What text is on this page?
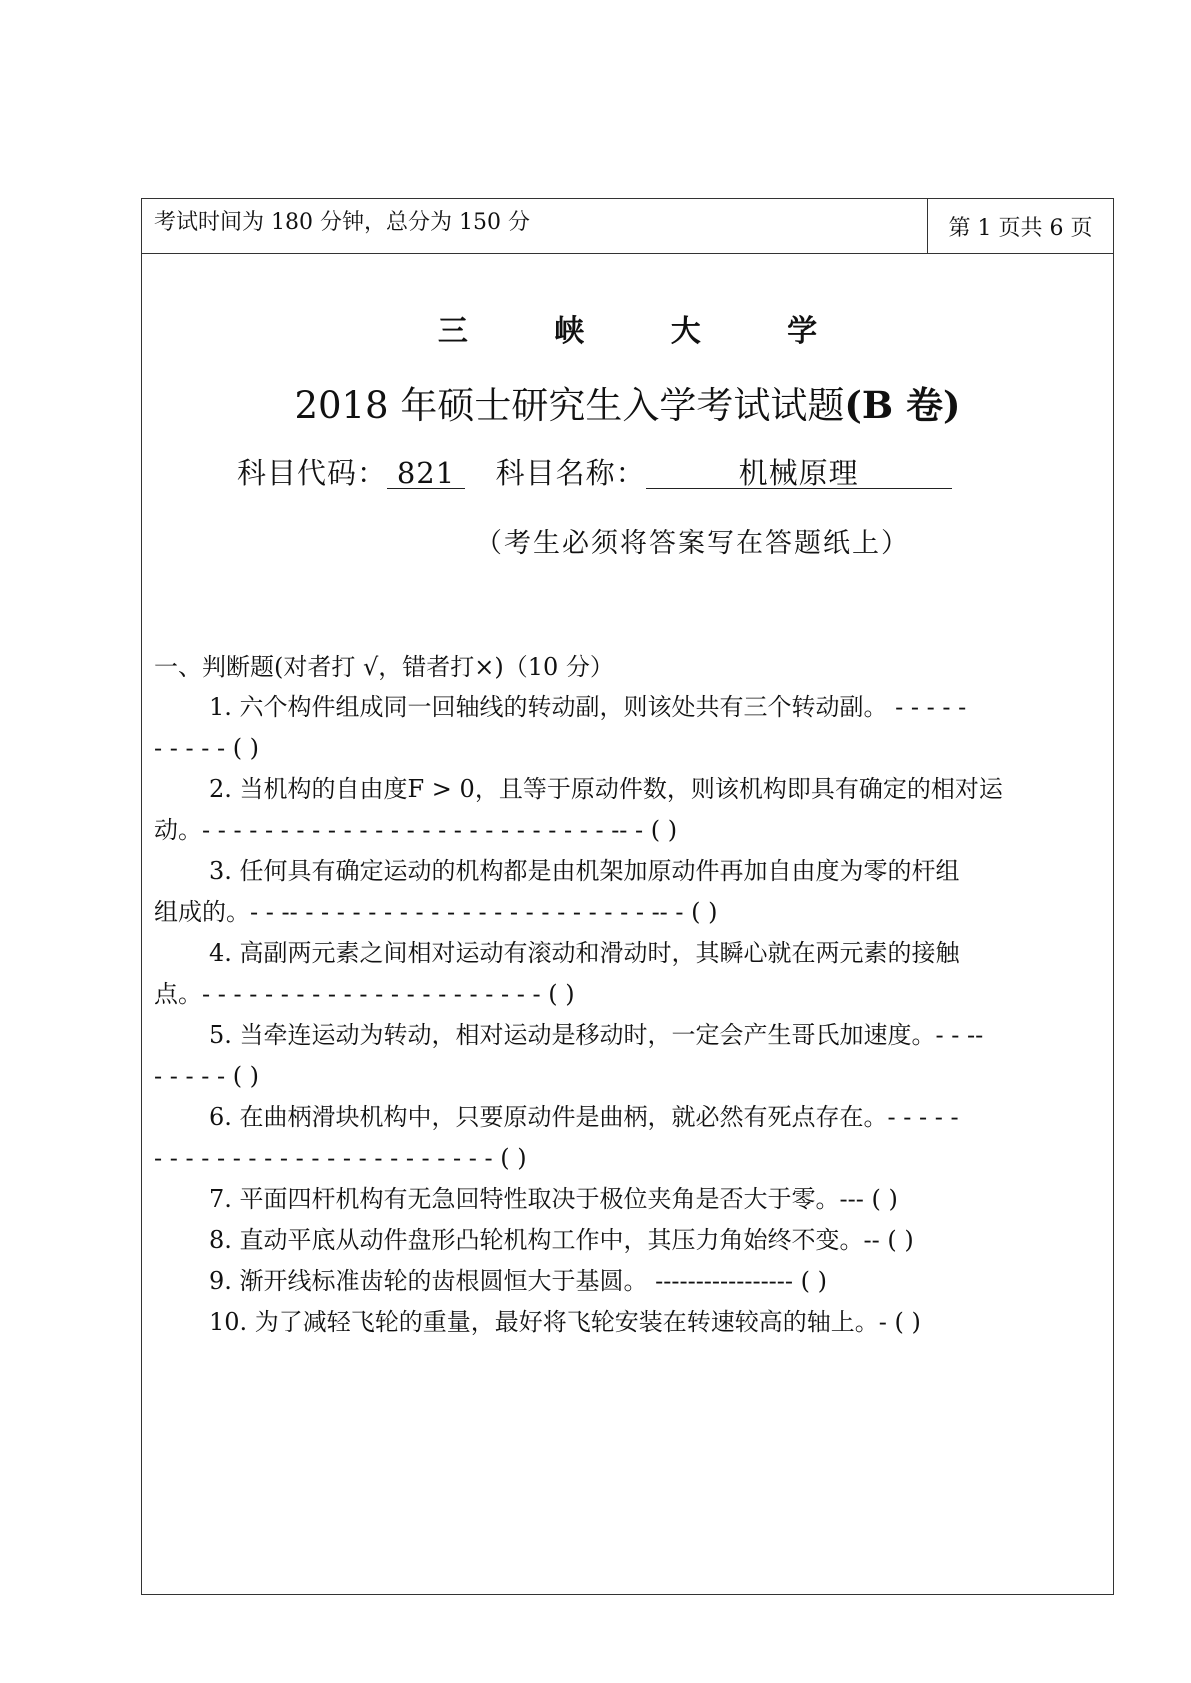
考试时间为 180 分钟，总分为 150 分	第 1 页共 6 页
三 峡 大 学
2018 年硕士研究生入学考试试题(B 卷)
科目代码： 821 科目名称：	机械原理
（考生必须将答案写在答题纸上）
一、判断题(对者打 √，错者打×)（10 分）
1. 六个构件组成同一回轴线的转动副，则该处共有三个转动副。 - - - - -
- - - - - ( )
2. 当机构的自由度F > 0，且等于原动件数，则该机构即具有确定的相对运
动。- - - - - - - - - - - - - - - - - - - - - - - - - - -- - ( )
3. 任何具有确定运动的机构都是由机架加原动件再加自由度为零的杆组
组成的。- - -- - - - - - - - - - - - - - - - - - - - - - - -- - ( )
4. 高副两元素之间相对运动有滚动和滑动时，其瞬心就在两元素的接触
点。- - - - - - - - - - - - - - - - - - - - - - ( )
5. 当牵连运动为转动，相对运动是移动时，一定会产生哥氏加速度。- - --
- - - - - ( )
6. 在曲柄滑块机构中，只要原动件是曲柄，就必然有死点存在。- - - - -
- - - - - - - - - - - - - - - - - - - - - - ( )
7. 平面四杆机构有无急回特性取决于极位夹角是否大于零。--- ( )
8. 直动平底从动件盘形凸轮机构工作中，其压力角始终不变。-- ( )
9. 渐开线标准齿轮的齿根圆恒大于基圆。 ----------------- ( )
10. 为了减轻飞轮的重量，最好将飞轮安装在转速较高的轴上。- ( )
